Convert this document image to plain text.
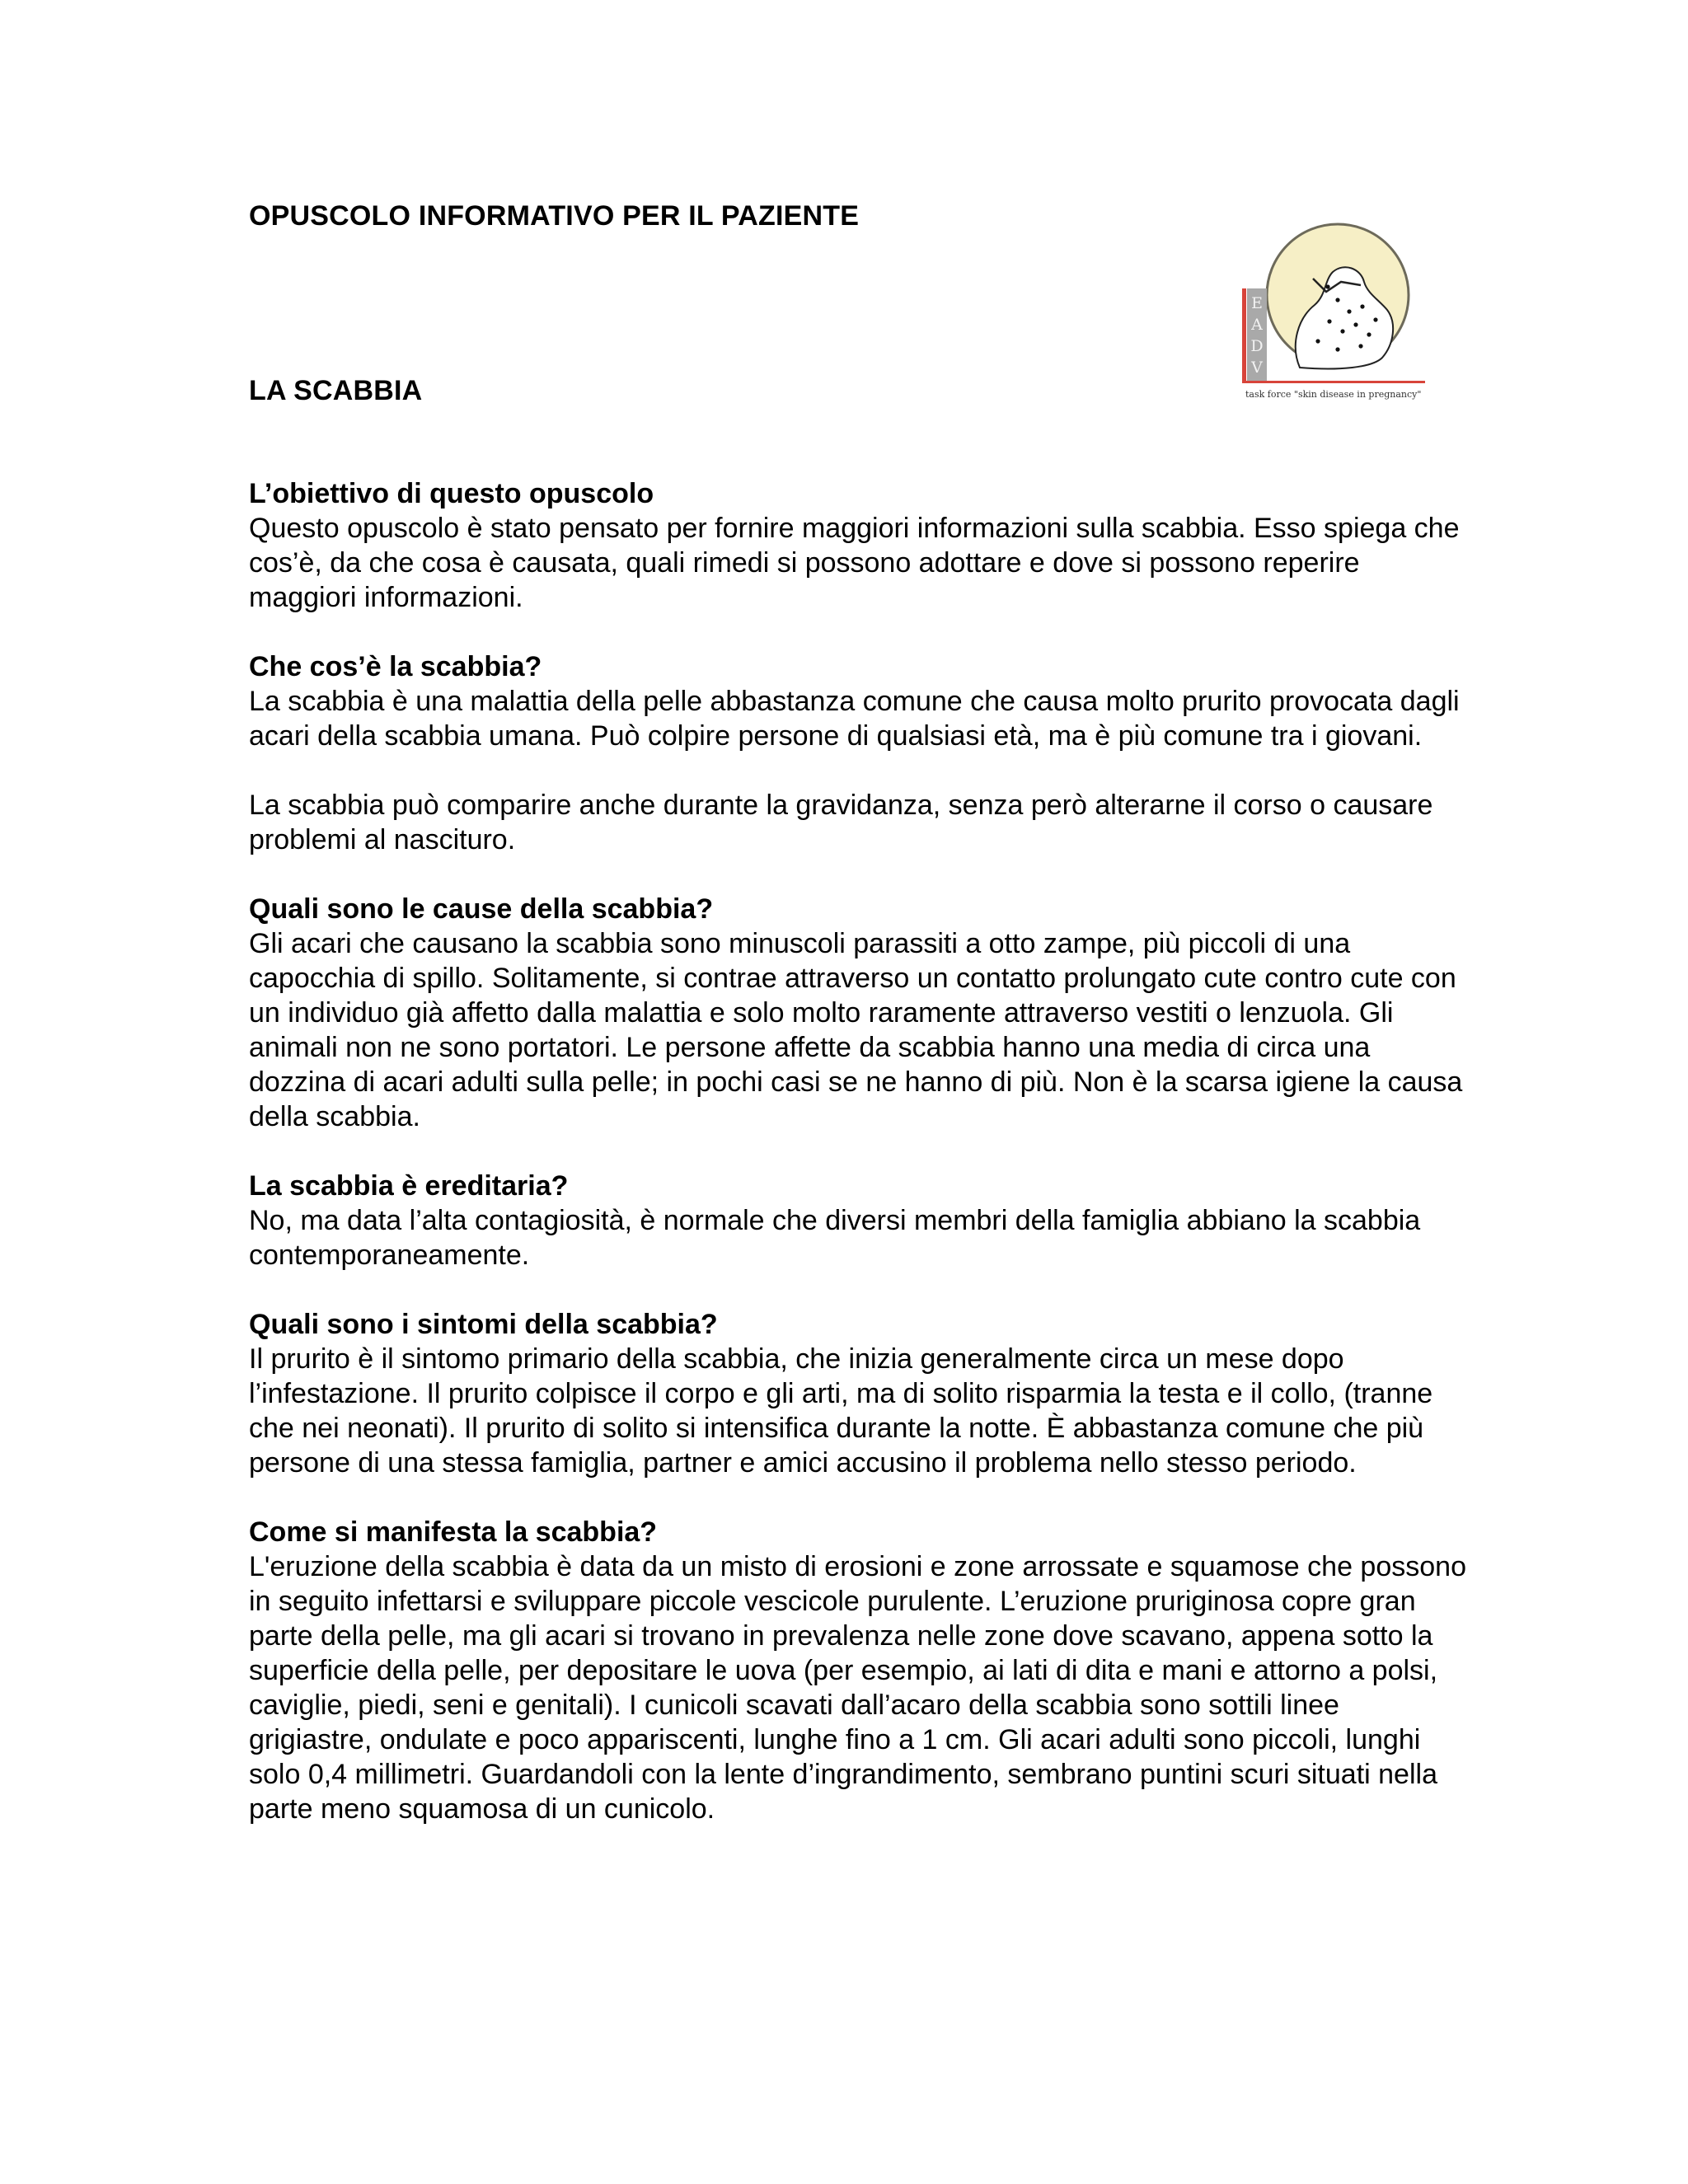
OPUSCOLO INFORMATIVO PER IL PAZIENTE
E
A
D
V
task force "skin disease in pregnancy"
LA SCABBIA
L’obiettivo di questo opuscolo

Questo opuscolo è stato pensato per fornire maggiori informazioni sulla scabbia. Esso spiega che cos’è, da che cosa è causata, quali rimedi si possono adottare e dove si possono reperire maggiori informazioni.

Che cos’è la scabbia?

La scabbia è una malattia della pelle abbastanza comune che causa molto prurito provocata dagli acari della scabbia umana. Può colpire persone di qualsiasi età, ma è più comune tra i giovani.

La scabbia può comparire anche durante la gravidanza, senza però alterarne il corso o causare problemi al nascituro.

Quali sono le cause della scabbia?

Gli acari che causano la scabbia sono minuscoli parassiti a otto zampe, più piccoli di una capocchia di spillo. Solitamente, si contrae attraverso un contatto prolungato cute contro cute con un individuo già affetto dalla malattia e solo molto raramente attraverso vestiti o lenzuola. Gli animali non ne sono portatori. Le persone affette da scabbia hanno una media di circa una dozzina di acari adulti sulla pelle; in pochi casi se ne hanno di più. Non è la scarsa igiene la causa della scabbia.

La scabbia è ereditaria?

No, ma data l’alta contagiosità, è normale che diversi membri della famiglia abbiano la scabbia contemporaneamente.

Quali sono i sintomi della scabbia?

Il prurito è il sintomo primario della scabbia, che inizia generalmente circa un mese dopo l’infestazione. Il prurito colpisce il corpo e gli arti, ma di solito risparmia la testa e il collo, (tranne che nei neonati). Il prurito di solito si intensifica durante la notte. È abbastanza comune che più persone di una stessa famiglia, partner e amici accusino il problema nello stesso periodo.

Come si manifesta la scabbia?

L'eruzione della scabbia è data da un misto di erosioni e zone arrossate e squamose che possono in seguito infettarsi e sviluppare piccole vescicole purulente. L’eruzione pruriginosa copre gran parte della pelle, ma gli acari si trovano in prevalenza nelle zone dove scavano, appena sotto la superficie della pelle, per depositare le uova (per esempio, ai lati di dita e mani e attorno a polsi, caviglie, piedi, seni e genitali). I cunicoli scavati dall’acaro della scabbia sono sottili linee grigiastre, ondulate e poco appariscenti, lunghe fino a 1 cm. Gli acari adulti sono piccoli, lunghi solo 0,4 millimetri. Guardandoli con la lente d’ingrandimento, sembrano puntini scuri situati nella parte meno squamosa di un cunicolo.
